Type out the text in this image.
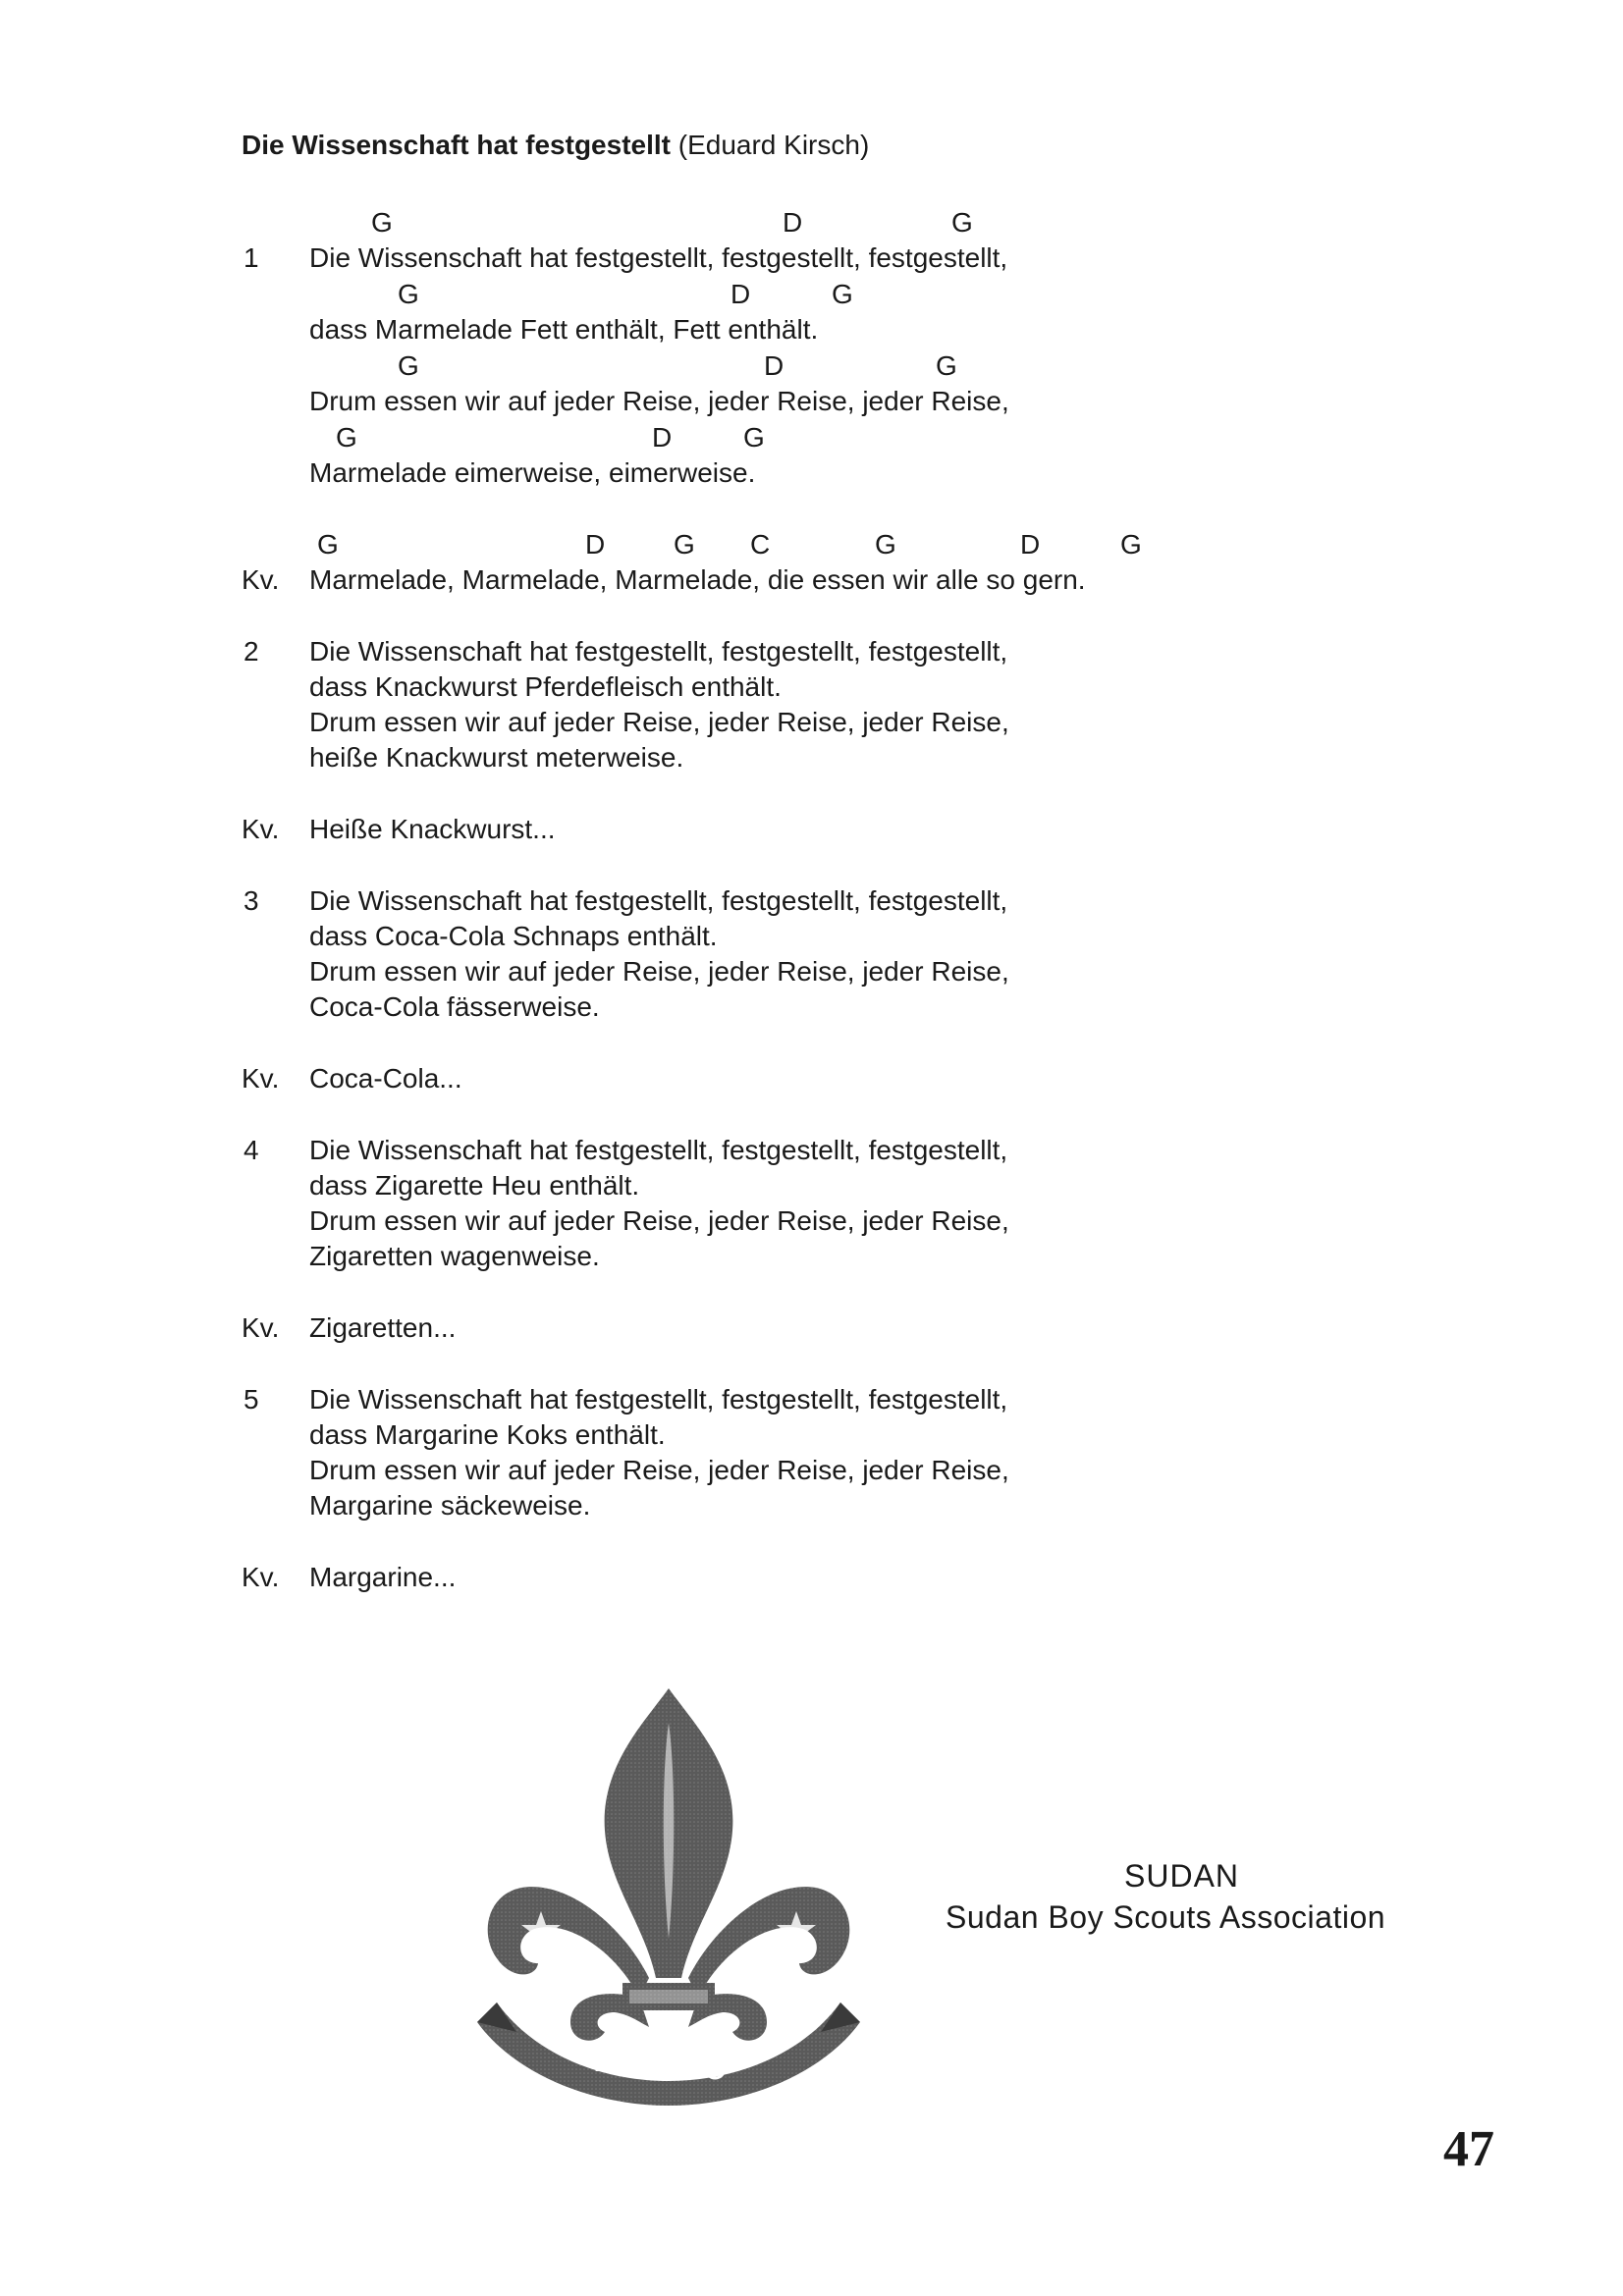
Die Wissenschaft hat festgestellt (Eduard Kirsch)
G	D	G
1 Die Wissenschaft hat festgestellt, festgestellt, festgestellt,
G	D	G
dass Marmelade Fett enthält, Fett enthält.
G	D	G
Drum essen wir auf jeder Reise, jeder Reise, jeder Reise,
G	D	G
Marmelade eimerweise, eimerweise.
G	D G C	G	D	G
Kv. Marmelade, Marmelade, Marmelade, die essen wir alle so gern.
2 Die Wissenschaft hat festgestellt, festgestellt, festgestellt,
dass Knackwurst Pferdefleisch enthält.
Drum essen wir auf jeder Reise, jeder Reise, jeder Reise,
heiße Knackwurst meterweise.
Kv. Heiße Knackwurst...
3 Die Wissenschaft hat festgestellt, festgestellt, festgestellt,
dass Coca-Cola Schnaps enthält.
Drum essen wir auf jeder Reise, jeder Reise, jeder Reise,
Coca-Cola fässerweise.
Kv. Coca-Cola...
4 Die Wissenschaft hat festgestellt, festgestellt, festgestellt,
dass Zigarette Heu enthält.
Drum essen wir auf jeder Reise, jeder Reise, jeder Reise,
Zigaretten wagenweise.
Kv. Zigaretten...
5 Die Wissenschaft hat festgestellt, festgestellt, festgestellt,
dass Margarine Koks enthält.
Drum essen wir auf jeder Reise, jeder Reise, jeder Reise,
Margarine säckeweise.
Kv. Margarine...
كن مستعدا
SUDAN
Sudan Boy Scouts Association
47
